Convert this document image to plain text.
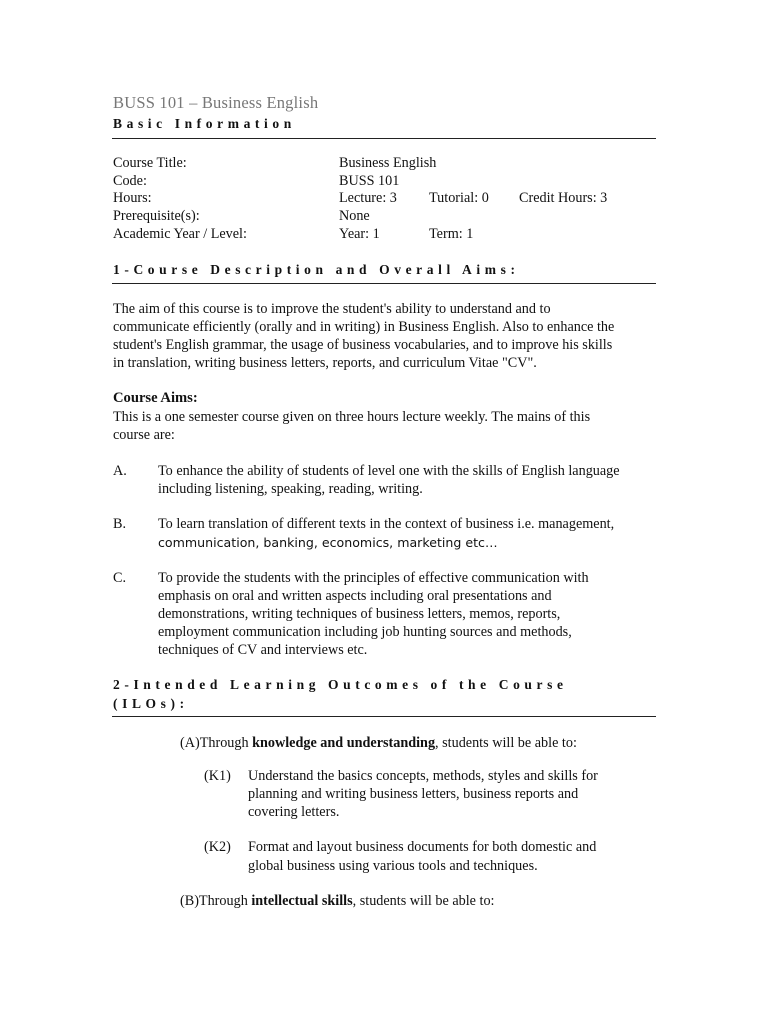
BUSS 101 – Business English
Basic Information
Course Title:	Business English
Code:	BUSS 101
Hours:	Lecture: 3 Tutorial: 0 Credit Hours: 3
Prerequisite(s):	None
Academic Year / Level:	Year: 1	Term: 1
1-Course Description and Overall Aims:
The aim of this course is to improve the student's ability to understand and to
communicate efficiently (orally and in writing) in Business English. Also to enhance the
student's English grammar, the usage of business vocabularies, and to improve his skills
in translation, writing business letters, reports, and curriculum Vitae "CV".
Course Aims:
This is a one semester course given on three hours lecture weekly. The mains of this
course are:
A. To enhance the ability of students of level one with the skills of English language
including listening, speaking, reading, writing.
B. To learn translation of different texts in the context of business i.e. management,
communication, banking, economics, marketing etc…
C. To provide the students with the principles of effective communication with
emphasis on oral and written aspects including oral presentations and
demonstrations, writing techniques of business letters, memos, reports,
employment communication including job hunting sources and methods,
techniques of CV and interviews etc.
2-Intended Learning Outcomes of the Course
(ILOs):
(A)Through knowledge and understanding, students will be able to:
(K1) Understand the basics concepts, methods, styles and skills for
planning and writing business letters, business reports and
covering letters.
(K2) Format and layout business documents for both domestic and
global business using various tools and techniques.
(B)Through intellectual skills, students will be able to:
